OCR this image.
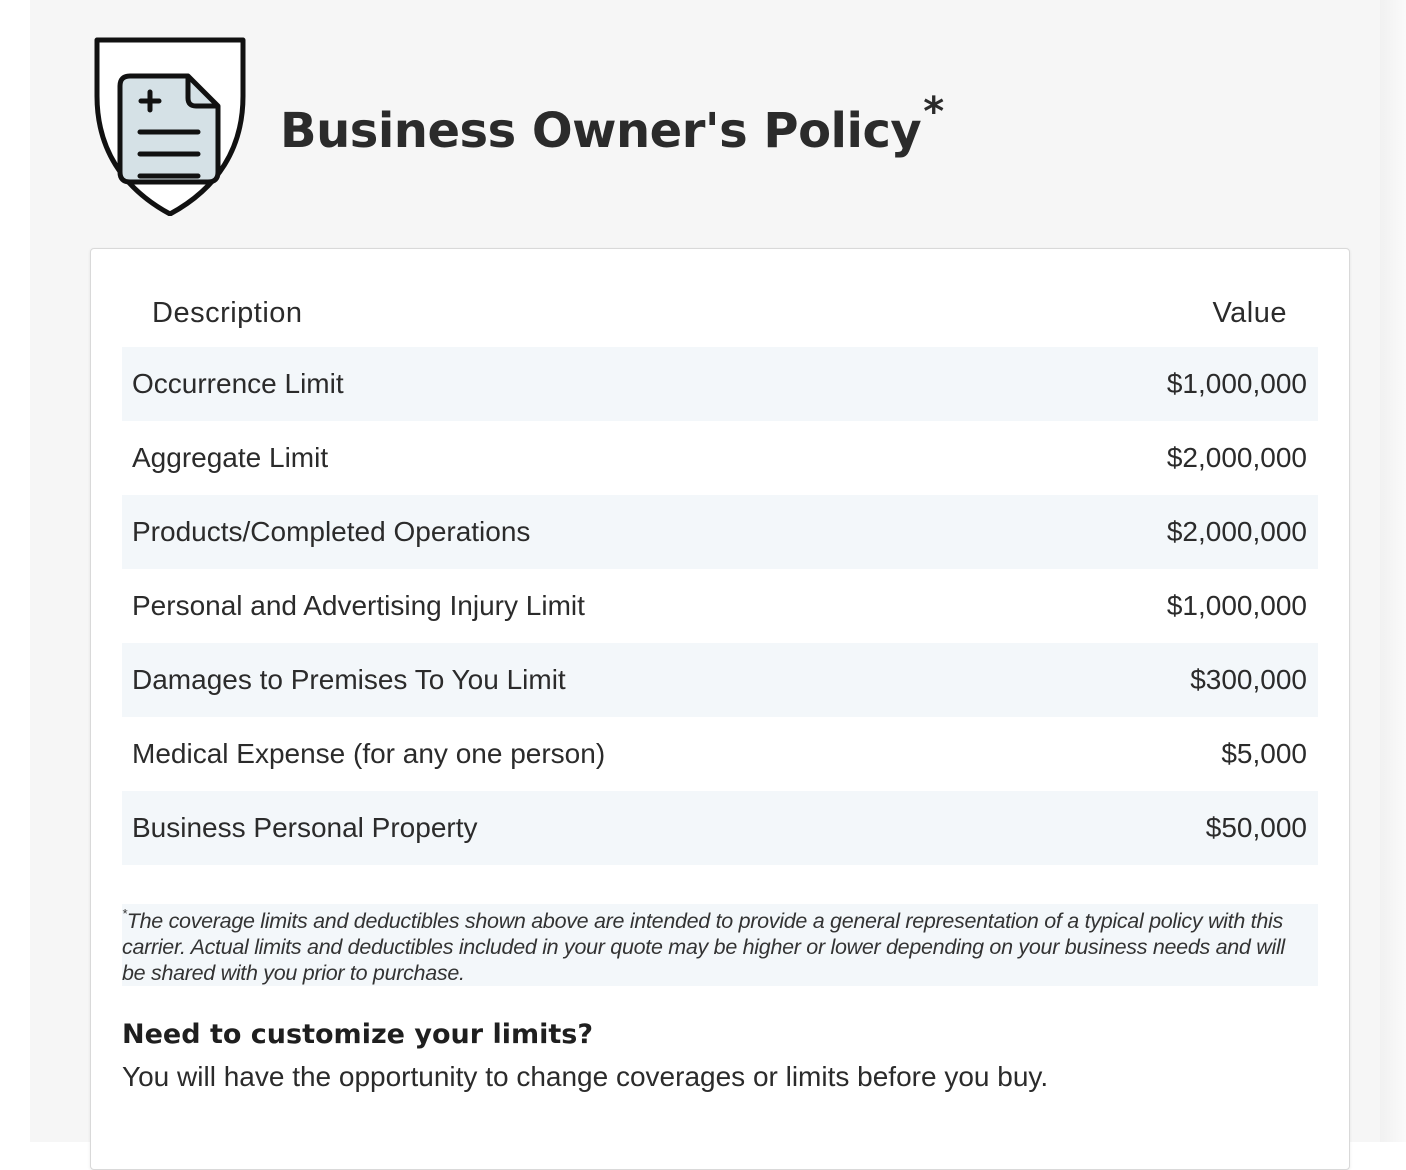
Business Owner's Policy*
Description	Value
Occurrence Limit	$1,000,000
Aggregate Limit	$2,000,000
Products/Completed Operations	$2,000,000
Personal and Advertising Injury Limit	$1,000,000
Damages to Premises To You Limit	$300,000
Medical Expense (for any one person)	$5,000
Business Personal Property	$50,000
*The coverage limits and deductibles shown above are intended to provide a general representation of a typical policy with this carrier. Actual limits and deductibles included in your quote may be higher or lower depending on your business needs and will be shared with you prior to purchase.
Need to customize your limits?

You will have the opportunity to change coverages or limits before you buy.
